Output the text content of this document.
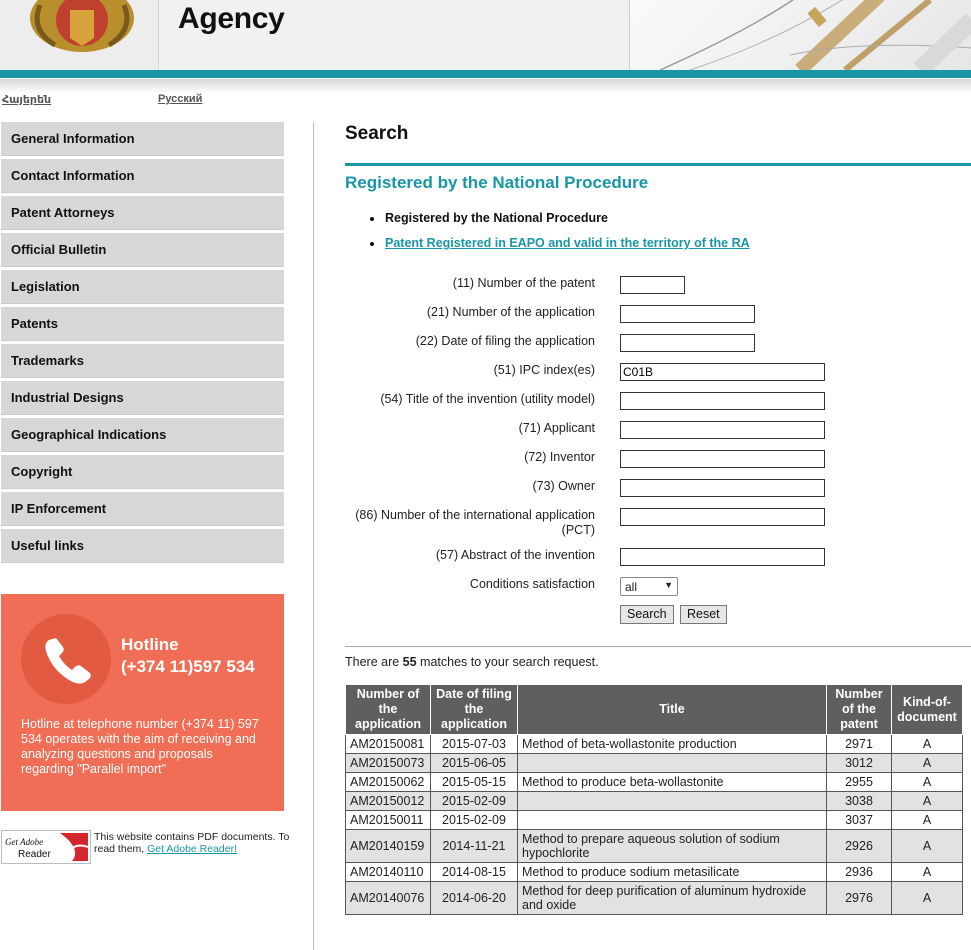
Agency
Հայերեն	Русский
General Information
Contact Information
Patent Attorneys
Official Bulletin
Legislation
Patents
Trademarks
Industrial Designs
Geographical Indications
Copyright
IP Enforcement
Useful links
Hotline
(+374 11)597 534
Hotline at telephone number (+374 11) 597 534 operates with the aim of receiving and analyzing questions and proposals regarding "Parallel import"
Get Adobe
Reader
This website contains PDF documents. To read them, Get Adobe Reader!
Search
Registered by the National Procedure
Registered by the National Procedure
Patent Registered in EAPO and valid in the territory of the RA
(11) Number of the patent
(21) Number of the application
(22) Date of filing the application
(51) IPC index(es)
C01B
(54) Title of the invention (utility model)
(71) Applicant
(72) Inventor
(73) Owner
(86) Number of the international application (PCT)
(57) Abstract of the invention
Conditions satisfaction	all	▼
Search	Reset
There are 55 matches to your search request.
Number of the application	Date of filing the application	Title	Number of the patent	Kind-of-document
AM20150081	2015-07-03	Method of beta-wollastonite production	2971	A
AM20150073	2015-06-05		3012	A
AM20150062	2015-05-15	Method to produce beta-wollastonite	2955	A
AM20150012	2015-02-09		3038	A
AM20150011	2015-02-09		3037	A
AM20140159	2014-11-21	Method to prepare aqueous solution of sodium hypochlorite	2926	A
AM20140110	2014-08-15	Method to produce sodium metasilicate	2936	A
AM20140076	2014-06-20	Method for deep purification of aluminum hydroxide and oxide	2976	A
